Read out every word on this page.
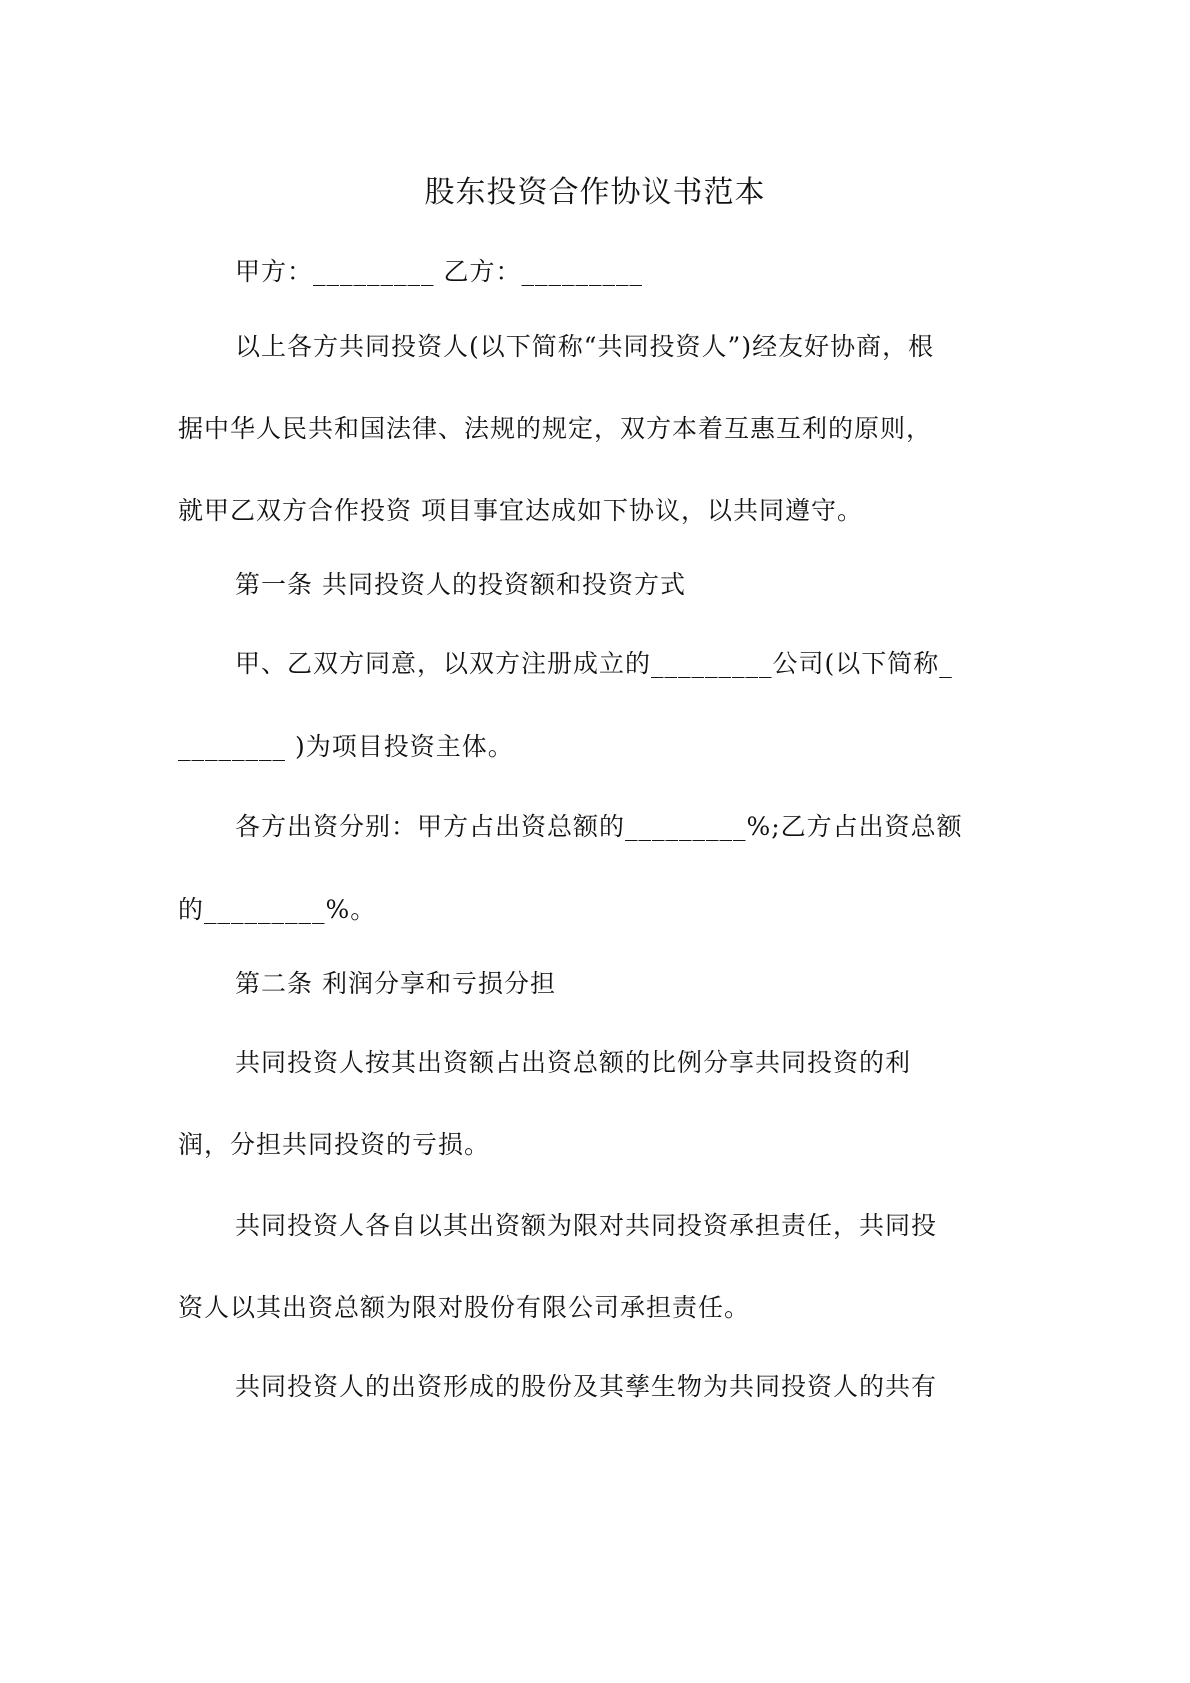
股东投资合作协议书范本
甲方：_________ 乙方：_________
以上各方共同投资人(以下简称“共同投资人”)经友好协商，根
据中华人民共和国法律、法规的规定，双方本着互惠互利的原则，
就甲乙双方合作投资 项目事宜达成如下协议，以共同遵守。
第一条 共同投资人的投资额和投资方式
甲、乙双方同意，以双方注册成立的_________公司(以下简称_
________ )为项目投资主体。
各方出资分别：甲方占出资总额的_________%;乙方占出资总额
的_________%。
第二条 利润分享和亏损分担
共同投资人按其出资额占出资总额的比例分享共同投资的利
润，分担共同投资的亏损。
共同投资人各自以其出资额为限对共同投资承担责任，共同投
资人以其出资总额为限对股份有限公司承担责任。
共同投资人的出资形成的股份及其孳生物为共同投资人的共有
